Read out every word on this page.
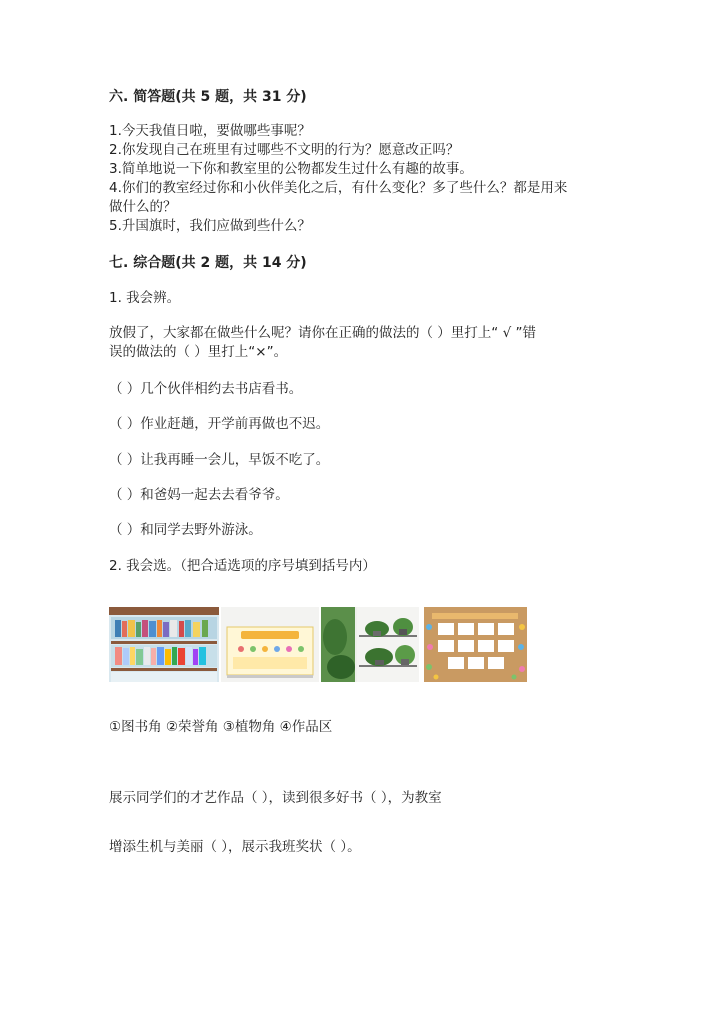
六. 简答题(共 5 题，共 31 分)
1.今天我值日啦，要做哪些事呢？
2.你发现自己在班里有过哪些不文明的行为？愿意改正吗？
3.简单地说一下你和教室里的公物都发生过什么有趣的故事。
4.你们的教室经过你和小伙伴美化之后，有什么变化？多了些什么？都是用来
做什么的？
5.升国旗时，我们应做到些什么？
七. 综合题(共 2 题，共 14 分)
1. 我会辨。
放假了，大家都在做些什么呢？请你在正确的做法的（ ）里打上“ √ ”错
误的做法的（ ）里打上“×”。
（ ）几个伙伴相约去书店看书。
（ ）作业赶趟，开学前再做也不迟。
（ ）让我再睡一会儿，早饭不吃了。
（ ）和爸妈一起去去看爷爷。
（ ）和同学去野外游泳。
2. 我会选。（把合适选项的序号填到括号内）
①图书角 ②荣誉角 ③植物角 ④作品区
展示同学们的才艺作品（ ），读到很多好书（ ），为教室
增添生机与美丽（ ），展示我班奖状（ ）。
